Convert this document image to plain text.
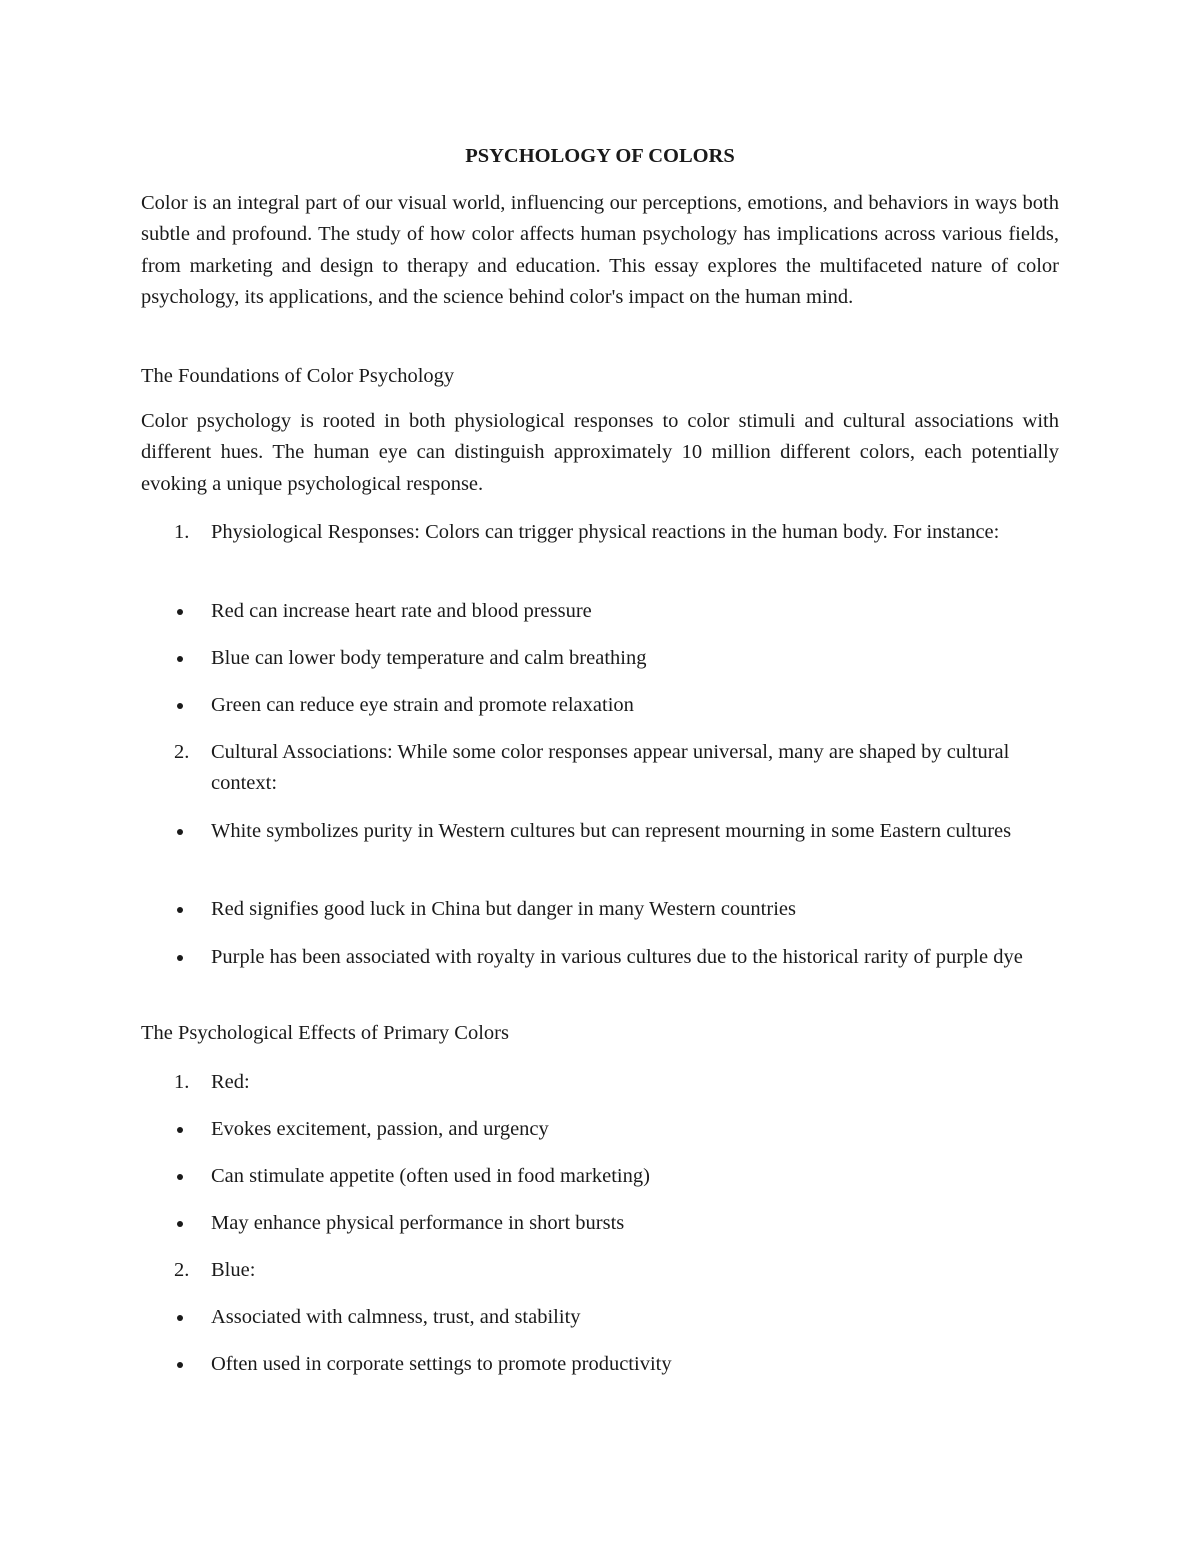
PSYCHOLOGY OF COLORS

Color is an integral part of our visual world, influencing our perceptions, emotions, and behaviors in ways both subtle and profound. The study of how color affects human psychology has implications across various fields, from marketing and design to therapy and education. This essay explores the multifaceted nature of color psychology, its applications, and the science behind color's impact on the human mind.

The Foundations of Color Psychology

Color psychology is rooted in both physiological responses to color stimuli and cultural associations with different hues. The human eye can distinguish approximately 10 million different colors, each potentially evoking a unique psychological response.

1. Physiological Responses: Colors can trigger physical reactions in the human body. For instance:
Red can increase heart rate and blood pressure
Blue can lower body temperature and calm breathing
Green can reduce eye strain and promote relaxation
2. Cultural Associations: While some color responses appear universal, many are shaped by cultural context:
White symbolizes purity in Western cultures but can represent mourning in some Eastern cultures
Red signifies good luck in China but danger in many Western countries
Purple has been associated with royalty in various cultures due to the historical rarity of purple dye
The Psychological Effects of Primary Colors
1. Red:
Evokes excitement, passion, and urgency
Can stimulate appetite (often used in food marketing)
May enhance physical performance in short bursts
2. Blue:
Associated with calmness, trust, and stability
Often used in corporate settings to promote productivity
